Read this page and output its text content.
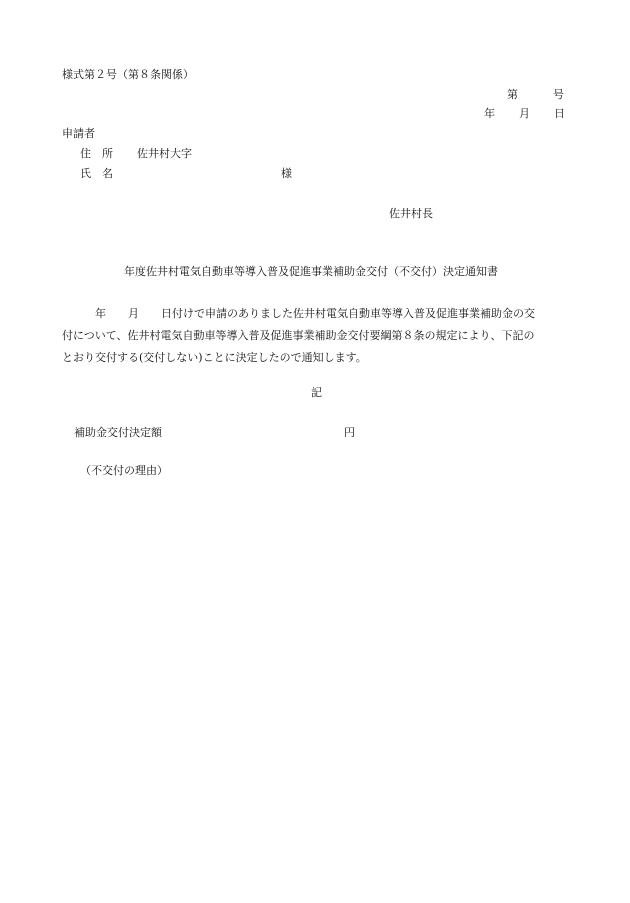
様式第２号（第８条関係）
第	号
年 月 日
申請者
住　所 佐井村大字
氏　名	様
佐井村長
年度佐井村電気自動車等導入普及促進事業補助金交付（不交付）決定通知書
　　　年　　月　　日付けで申請のありました佐井村電気自動車等導入普及促進事業補助金の交
付について、佐井村電気自動車等導入普及促進事業補助金交付要綱第８条の規定により、下記の
とおり交付する(交付しない)ことに決定したので通知します。
記
補助金交付決定額	円
（不交付の理由）
